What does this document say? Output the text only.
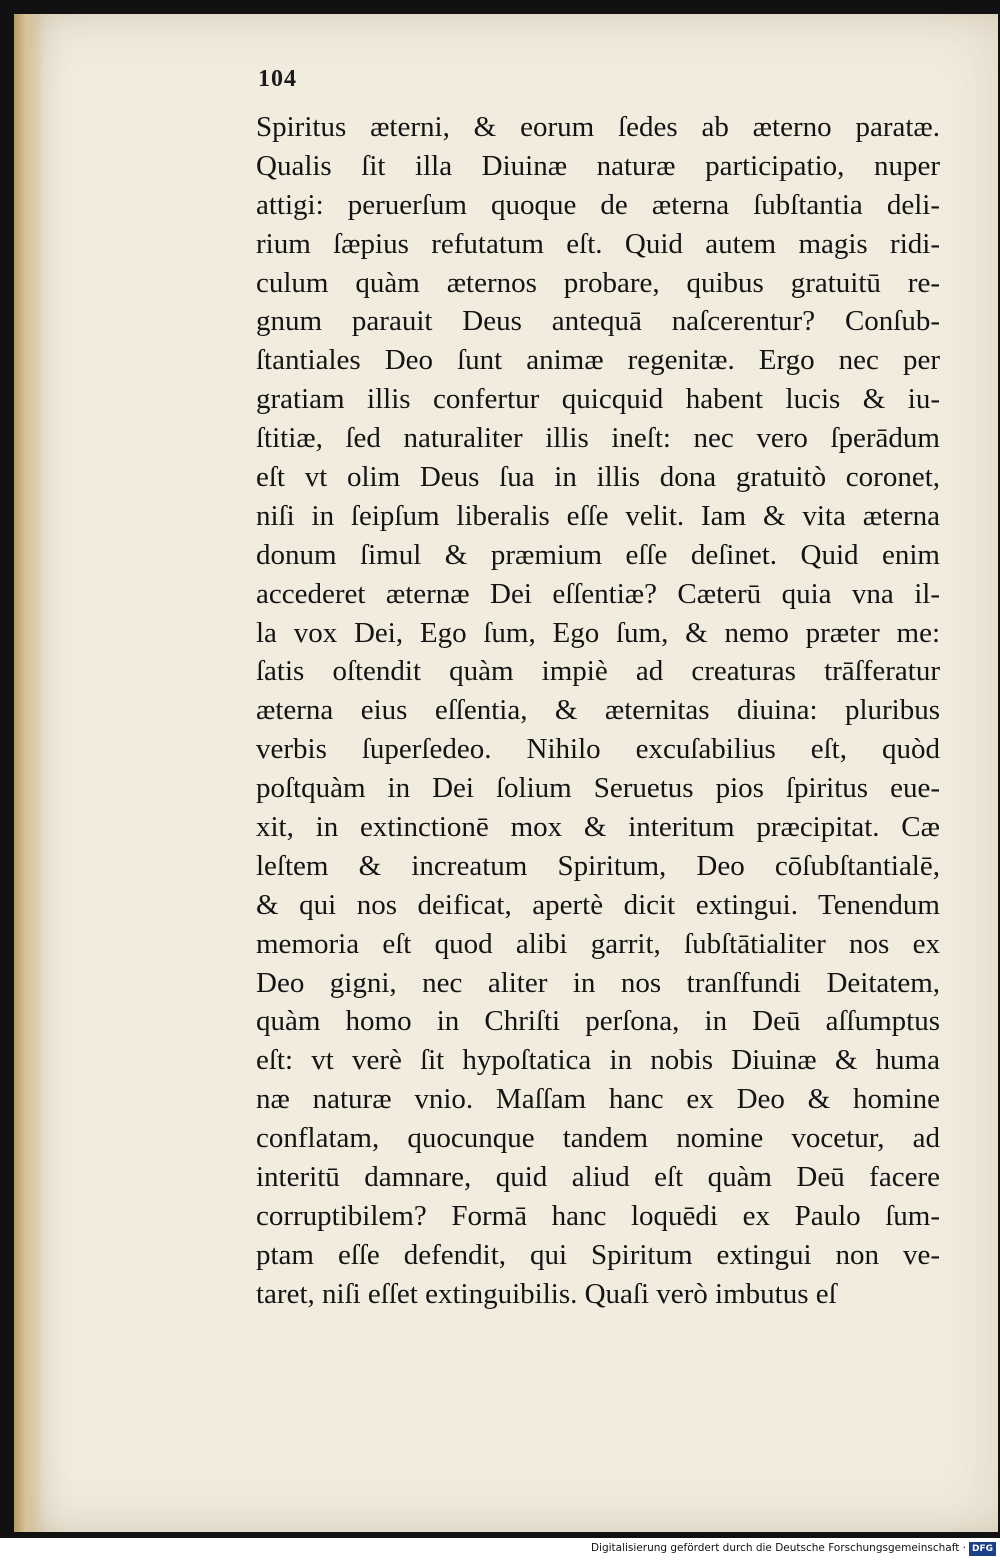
104
Spiritus æterni, & eorum ſedes ab æterno paratæ.
Qualis ſit illa Diuinæ naturæ participatio, nuper
attigi: peruerſum quoque de æterna ſubſtantia deli-
rium ſæpius refutatum eſt. Quid autem magis ridi-
culum quàm æternos probare, quibus gratuitū re-
gnum parauit Deus antequā naſcerentur? Conſub-
ſtantiales Deo ſunt animæ regenitæ. Ergo nec per
gratiam illis confertur quicquid habent lucis & iu-
ſtitiæ, ſed naturaliter illis ineſt: nec vero ſperādum
eſt vt olim Deus ſua in illis dona gratuitò coronet,
niſi in ſeipſum liberalis eſſe velit. Iam & vita æterna
donum ſimul & præmium eſſe deſinet. Quid enim
accederet æternæ Dei eſſentiæ? Cæterū quia vna il-
la vox Dei, Ego ſum, Ego ſum, & nemo præter me:
ſatis oſtendit quàm impiè ad creaturas trāſferatur
æterna eius eſſentia, & æternitas diuina: pluribus
verbis ſuperſedeo. Nihilo excuſabilius eſt, quòd
poſtquàm in Dei ſolium Seruetus pios ſpiritus eue-
xit, in extinctionē mox & interitum præcipitat. Cæ
leſtem & increatum Spiritum, Deo cōſubſtantialē,
& qui nos deificat, apertè dicit extingui. Tenendum
memoria eſt quod alibi garrit, ſubſtātialiter nos ex
Deo gigni, nec aliter in nos tranſfundi Deitatem,
quàm homo in Chriſti perſona, in Deū aſſumptus
eſt: vt verè ſit hypoſtatica in nobis Diuinæ & huma
næ naturæ vnio. Maſſam hanc ex Deo & homine
conflatam, quocunque tandem nomine vocetur, ad
interitū damnare, quid aliud eſt quàm Deū facere
corruptibilem? Formā hanc loquēdi ex Paulo ſum-
ptam eſſe defendit, qui Spiritum extingui non ve-
taret, niſi eſſet extinguibilis. Quaſi verò imbutus eſ
Digitalisierung gefördert durch die Deutsche Forschungsgemeinschaft · DFG
